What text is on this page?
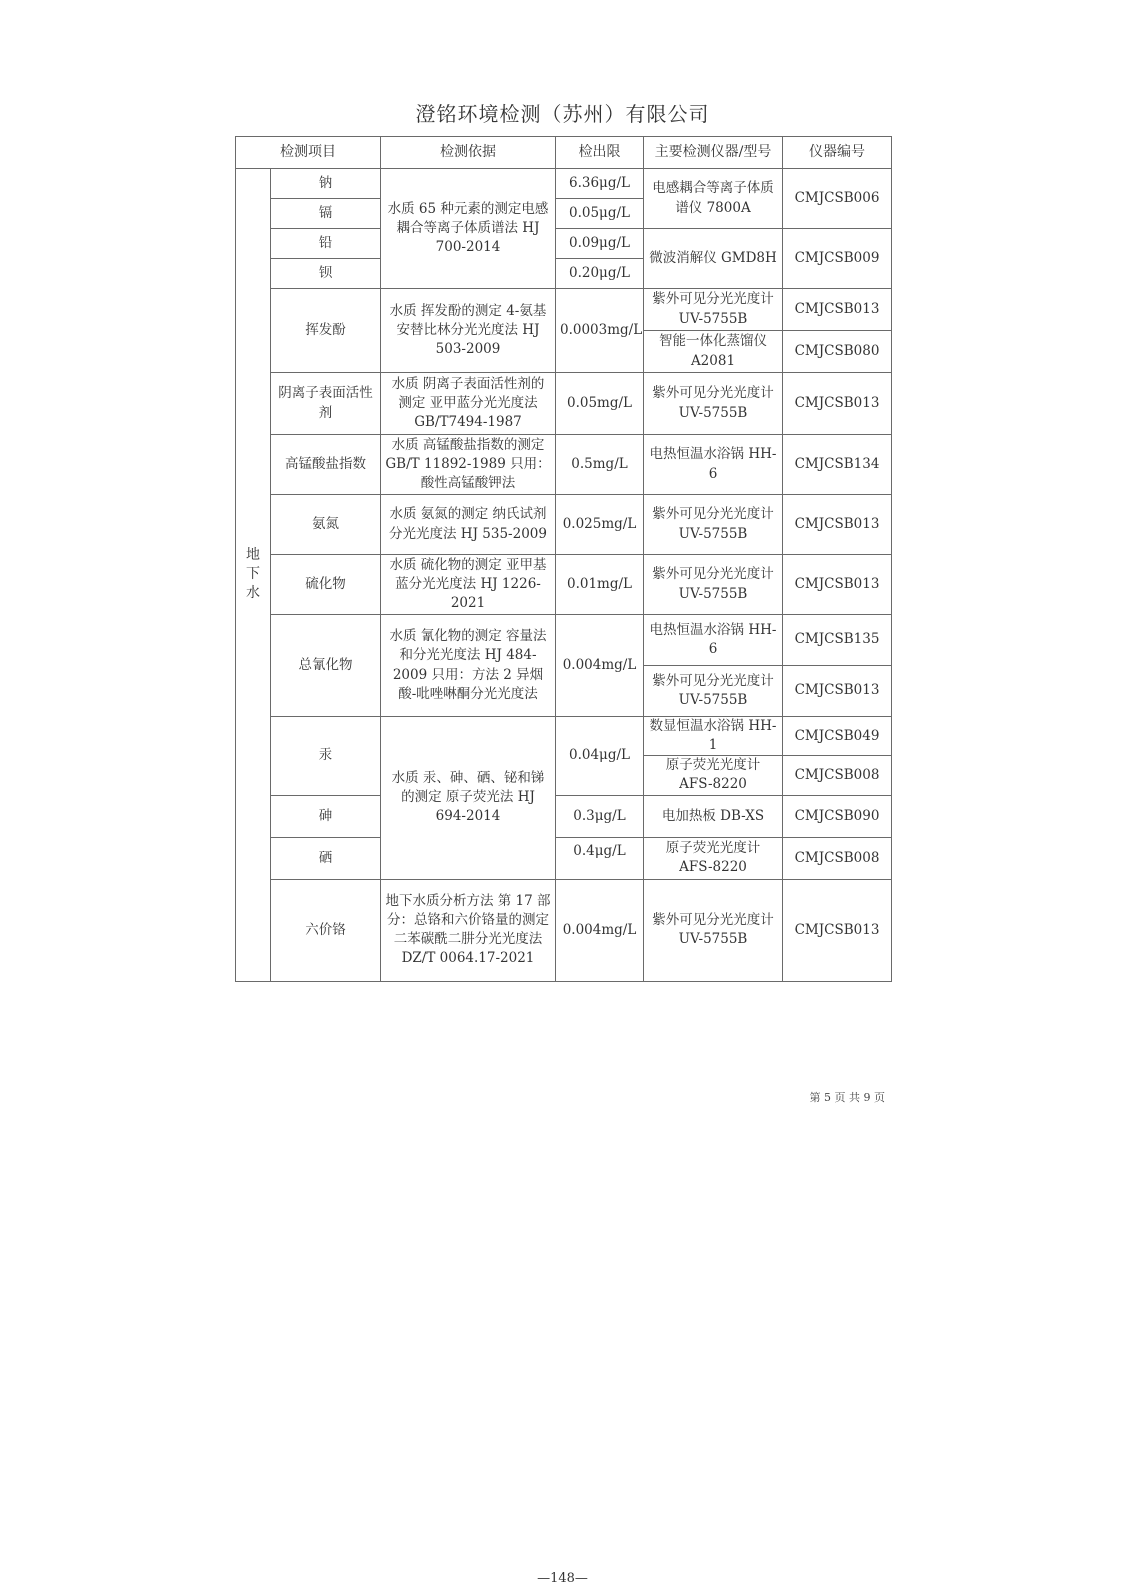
澄铭环境检测（苏州）有限公司
检测项目		检测依据	检出限	主要检测仪器/型号	仪器编号

地下水	钠	水质 65 种元素的测定电感耦合等离子体质谱法 HJ 700-2014	6.36μg/L	电感耦合等离子体质谱仪 7800A	CMJCSB006
	镉		0.05μg/L		
	铅		0.09μg/L	微波消解仪 GMD8H	CMJCSB009
	钡		0.20μg/L		
	挥发酚	水质 挥发酚的测定 4-氨基安替比林分光光度法 HJ 503-2009	0.0003mg/L	紫外可见分光光度计 UV-5755B	CMJCSB013
				智能一体化蒸馏仪 A2081	CMJCSB080
	阴离子表面活性剂	水质 阴离子表面活性剂的测定 亚甲蓝分光光度法 GB/T7494-1987	0.05mg/L	紫外可见分光光度计 UV-5755B	CMJCSB013
	高锰酸盐指数	水质 高锰酸盐指数的测定 GB/T 11892-1989 只用：酸性高锰酸钾法	0.5mg/L	电热恒温水浴锅 HH-6	CMJCSB134
	氨氮	水质 氨氮的测定 纳氏试剂分光光度法 HJ 535-2009	0.025mg/L	紫外可见分光光度计 UV-5755B	CMJCSB013
	硫化物	水质 硫化物的测定 亚甲基蓝分光光度法 HJ 1226-2021	0.01mg/L	紫外可见分光光度计 UV-5755B	CMJCSB013
	总氰化物	水质 氰化物的测定 容量法和分光光度法 HJ 484-2009 只用：方法 2 异烟酸-吡唑啉酮分光光度法	0.004mg/L	电热恒温水浴锅 HH-6	CMJCSB135
				紫外可见分光光度计 UV-5755B	CMJCSB013
	汞	水质 汞、砷、硒、铋和锑的测定 原子荧光法 HJ 694-2014	0.04μg/L	数显恒温水浴锅 HH-1	CMJCSB049
				原子荧光光度计 AFS-8220	CMJCSB008
	砷		0.3μg/L	电加热板 DB-XS	CMJCSB090
	硒		0.4μg/L	原子荧光光度计 AFS-8220	CMJCSB008

	六价铬	地下水质分析方法 第 17 部分：总铬和六价铬量的测定 二苯碳酰二肼分光光度法 DZ/T 0064.17-2021	0.004mg/L	紫外可见分光光度计 UV-5755B	CMJCSB013
第 5 页 共 9 页
—148—
